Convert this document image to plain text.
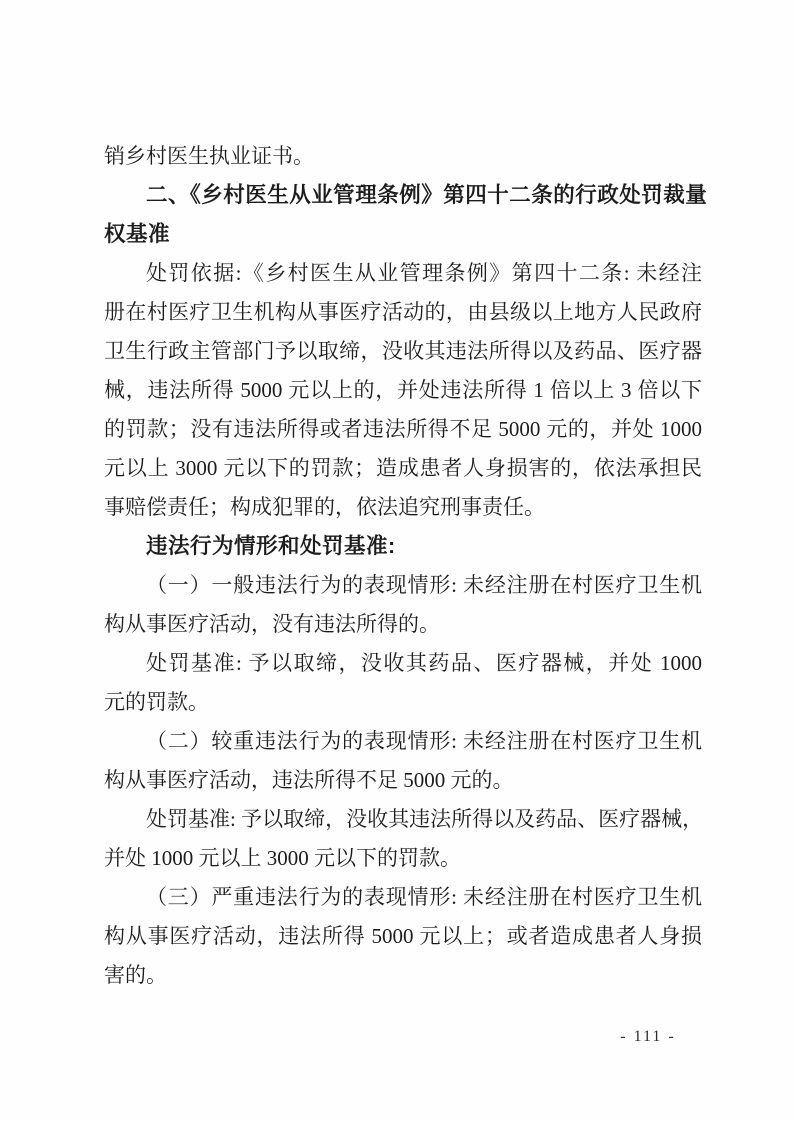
销乡村医生执业证书。
二、《乡村医生从业管理条例》第四十二条的行政处罚裁量
权基准
处罚依据:《乡村医生从业管理条例》第四十二条: 未经注
册在村医疗卫生机构从事医疗活动的，由县级以上地方人民政府
卫生行政主管部门予以取缔，没收其违法所得以及药品、医疗器
械，违法所得 5000 元以上的，并处违法所得 1 倍以上 3 倍以下
的罚款；没有违法所得或者违法所得不足 5000 元的，并处 1000
元以上 3000 元以下的罚款；造成患者人身损害的，依法承担民
事赔偿责任；构成犯罪的，依法追究刑事责任。
违法行为情形和处罚基准:
（一）一般违法行为的表现情形: 未经注册在村医疗卫生机
构从事医疗活动，没有违法所得的。
处罚基准: 予以取缔，没收其药品、医疗器械，并处 1000
元的罚款。
（二）较重违法行为的表现情形: 未经注册在村医疗卫生机
构从事医疗活动，违法所得不足 5000 元的。
处罚基准: 予以取缔，没收其违法所得以及药品、医疗器械，
并处 1000 元以上 3000 元以下的罚款。
（三）严重违法行为的表现情形: 未经注册在村医疗卫生机
构从事医疗活动，违法所得 5000 元以上；或者造成患者人身损
害的。
- 111 -
